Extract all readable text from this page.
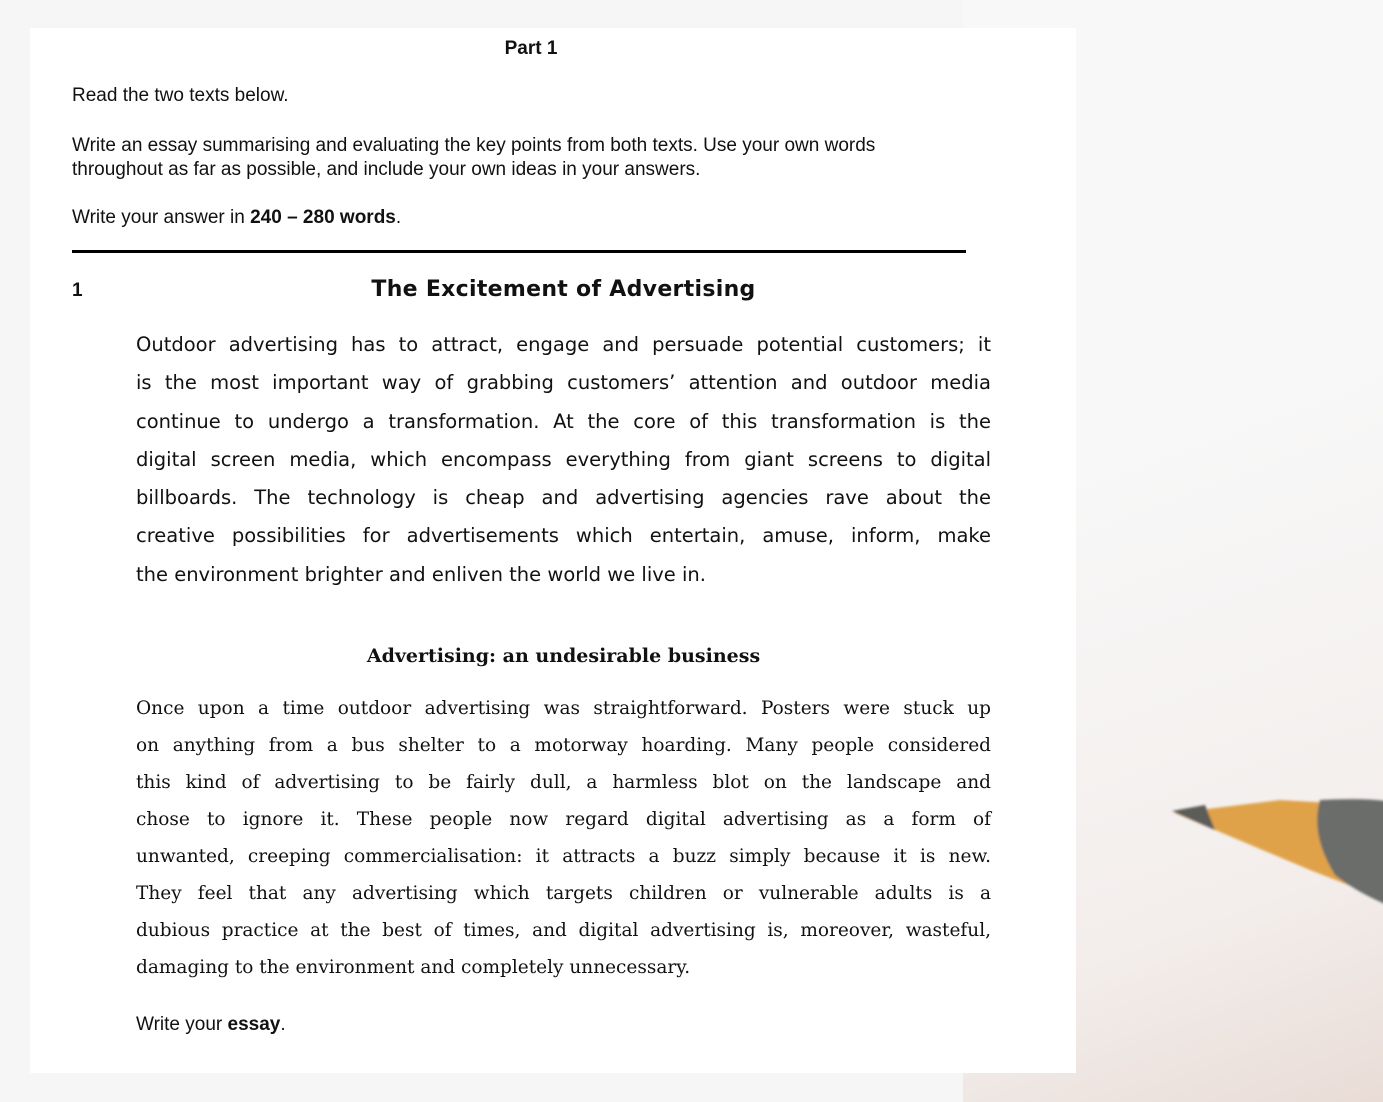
Part 1
Read the two texts below.
Write an essay summarising and evaluating the key points from both texts. Use your own words
throughout as far as possible, and include your own ideas in your answers.
Write your answer in 240 – 280 words.
1	The Excitement of Advertising
Outdoor advertising has to attract, engage and persuade potential customers; it
is the most important way of grabbing customers’ attention and outdoor media
continue to undergo a transformation. At the core of this transformation is the
digital screen media, which encompass everything from giant screens to digital
billboards. The technology is cheap and advertising agencies rave about the
creative possibilities for advertisements which entertain, amuse, inform, make
the environment brighter and enliven the world we live in.
Advertising: an undesirable business
Once upon a time outdoor advertising was straightforward. Posters were stuck up
on anything from a bus shelter to a motorway hoarding. Many people considered
this kind of advertising to be fairly dull, a harmless blot on the landscape and
chose to ignore it. These people now regard digital advertising as a form of
unwanted, creeping commercialisation: it attracts a buzz simply because it is new.
They feel that any advertising which targets children or vulnerable adults is a
dubious practice at the best of times, and digital advertising is, moreover, wasteful,
damaging to the environment and completely unnecessary.
Write your essay.
